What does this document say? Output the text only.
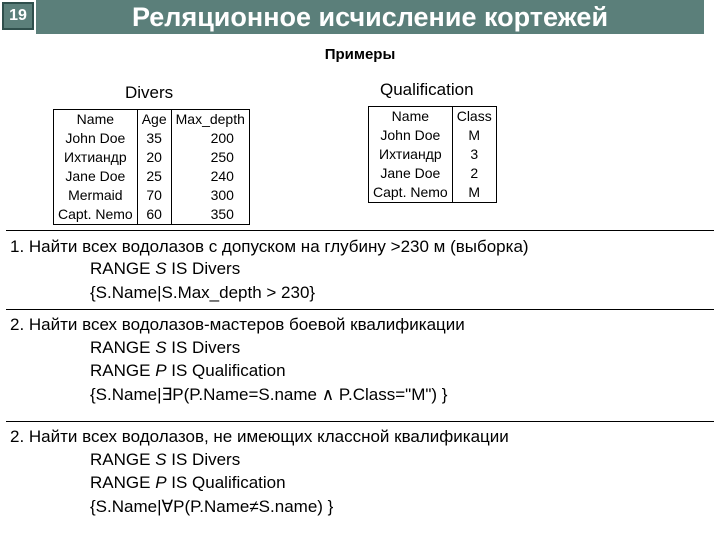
19	Реляционное исчисление кортежей
Примеры
Divers	Qualification
Name	Age	Max_depth
John Doe	35	200
Ихтиандр	20	250
Jane Doe	25	240
Mermaid	70	300
Capt. Nemo	60	350
Name	Class
John Doe	M
Ихтиандр	3
Jane Doe	2
Capt. Nemo	M
1. Найти всех водолазов с допуском на глубину >230 м (выборка)
RANGE S IS Divers
{S.Name|S.Max_depth > 230}
2. Найти всех водолазов-мастеров боевой квалификации
RANGE S IS Divers
RANGE P IS Qualification
{S.Name|∃P(P.Name=S.name ∧ P.Class="M") }
2. Найти всех водолазов, не имеющих классной квалификации
RANGE S IS Divers
RANGE P IS Qualification
{S.Name|∀P(P.Name≠S.name) }
